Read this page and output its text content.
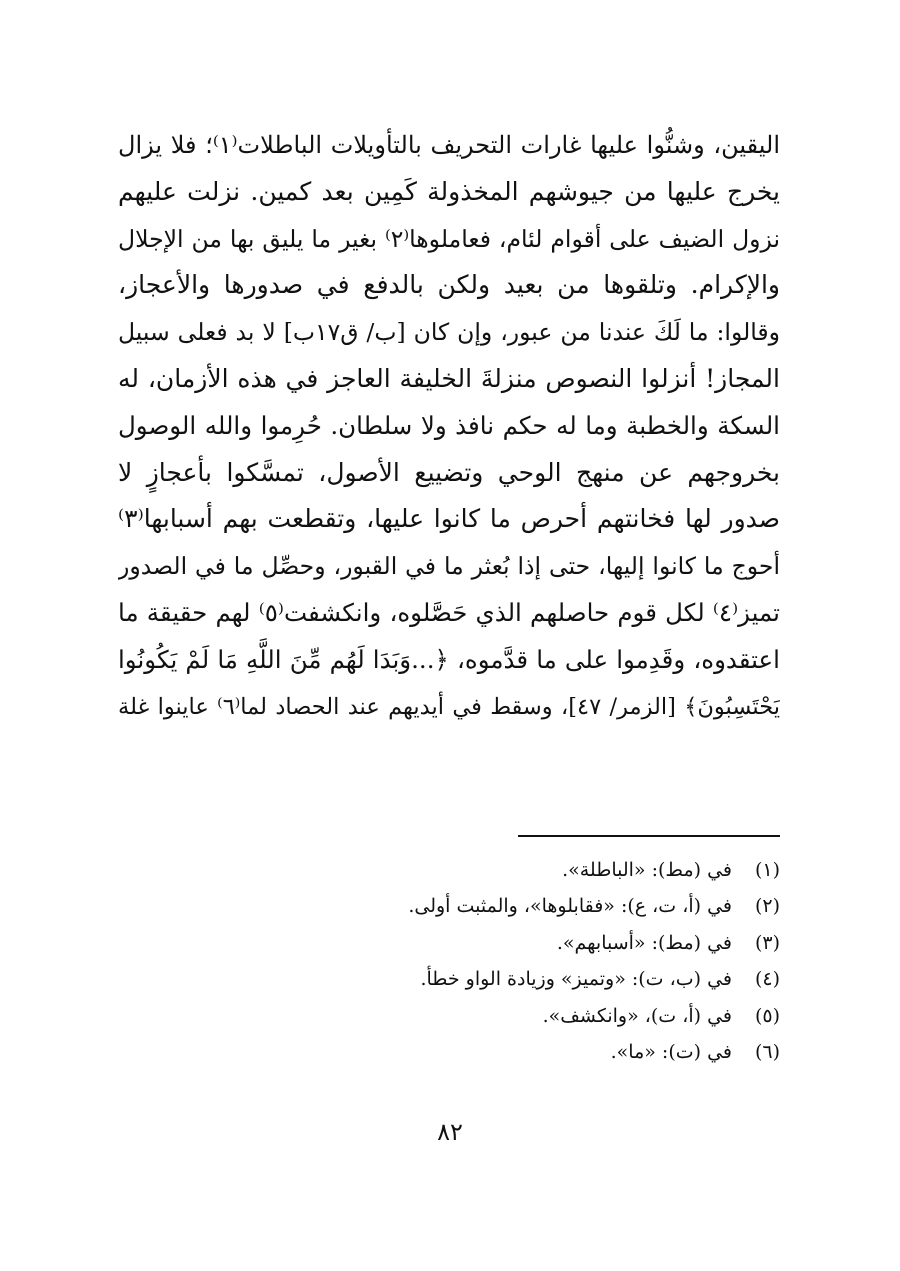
اليقين، وشنُّوا عليها غارات التحريف بالتأويلات الباطلات⁽١⁾؛ فلا يزال
يخرج عليها من جيوشهم المخذولة كَمِين بعد كمين. نزلت عليهم
نزول الضيف على أقوام لئام، فعاملوها⁽٢⁾ بغير ما يليق بها من الإجلال
والإكرام. وتلقوها من بعيد ولكن بالدفع في صدورها والأعجاز،
وقالوا: ما لَكَ عندنا من عبور، وإن كان [ب/ ق١٧ب] لا بد فعلى سبيل
المجاز! أنزلوا النصوص منزلةَ الخليفة العاجز في هذه الأزمان، له
السكة والخطبة وما له حكم نافذ ولا سلطان. حُرِموا والله الوصول
بخروجهم عن منهج الوحي وتضييع الأصول، تمسَّكوا بأعجازٍ لا
صدور لها فخانتهم أحرص ما كانوا عليها، وتقطعت بهم أسبابها⁽٣⁾
أحوج ما كانوا إليها، حتى إذا بُعثر ما في القبور، وحصِّل ما في الصدور
تميز⁽٤⁾ لكل قوم حاصلهم الذي حَصَّلوه، وانكشفت⁽٥⁾ لهم حقيقة ما
اعتقدوه، وقَدِموا على ما قدَّموه، ﴿...وَبَدَا لَهُم مِّنَ اللَّهِ مَا لَمْ يَكُونُوا
يَحْتَسِبُونَ﴾ [الزمر/ ٤٧]، وسقط في أيديهم عند الحصاد لما⁽٦⁾ عاينوا غلة
(١)
في (مط): «الباطلة».
(٢)
في (أ، ت، ع): «فقابلوها»، والمثبت أولى.
(٣)
في (مط): «أسبابهم».
(٤)
في (ب، ت): «وتميز» وزيادة الواو خطأ.
(٥)
في (أ، ت)، «وانكشف».
(٦)
في (ت): «ما».
٨٢
